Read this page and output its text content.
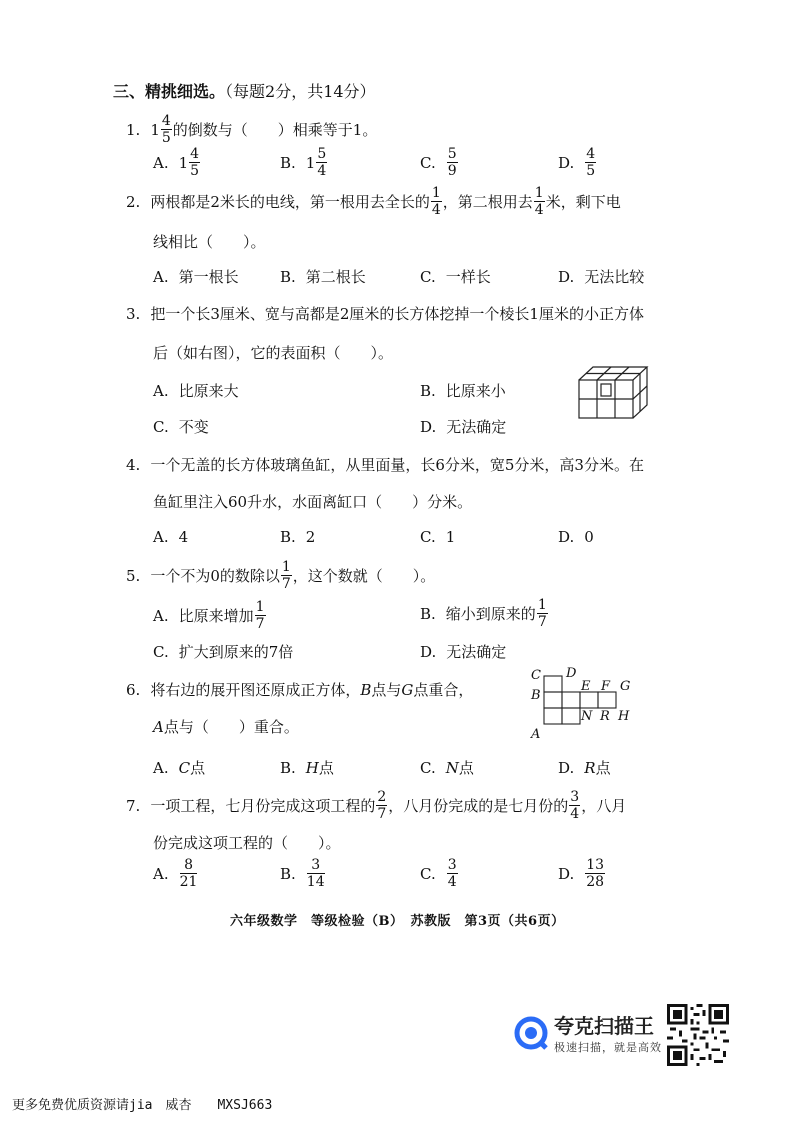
三、精挑细选。（每题2分，共14分）
1. $1 \frac{4}{5}$ 的倒数与（　　）相乘等于1。
A. $1 \frac{4}{5}$	B. $1 \frac{5}{4}$	C. $\frac{5}{9}$	D. $\frac{4}{5}$
2. 两根都是2米长的电线，第一根用去全长的 $\frac{1}{4}$ ，第二根用去 $\frac{1}{4}$ 米，剩下电
线相比（　　）。
A. 第一根长	B. 第二根长	C. 一样长	D. 无法比较
3. 把一个长3厘米、宽与高都是2厘米的长方体挖掉一个棱长1厘米的小正方体
后（如右图），它的表面积（　　）。
A. 比原来大	B. 比原来小
C. 不变	D. 无法确定
4. 一个无盖的长方体玻璃鱼缸，从里面量，长6分米，宽5分米，高3分米。在
鱼缸里注入60升水，水面离缸口（　　）分米。
A. 4	B. 2	C. 1	D. 0
5. 一个不为0的数除以 $\frac{1}{7}$ ，这个数就（　　）。
A. 比原来增加 $\frac{1}{7}$	B. 缩小到原来的 $\frac{1}{7}$
C. 扩大到原来的7倍	D. 无法确定
6. 将右边的展开图还原成正方体，B点与G点重合，
A点与（　　）重合。
C D
B
E F G
A
N R H
A. C点	B. H点	C. N点	D. R点
7. 一项工程，七月份完成这项工程的 $\frac{2}{7}$ ，八月份完成的是七月份的 $\frac{3}{4}$ ，八月
份完成这项工程的（　　）。
A. $\frac{8}{21}$	B. $\frac{3}{14}$	C. $\frac{3}{4}$	D. $\frac{13}{28}$
六年级数学　等级检验（B）　苏教版　第3页（共6页）
夸克扫描王
极速扫描，就是高效
更多免费优质资源请jia　威杏　　MXSJ663
